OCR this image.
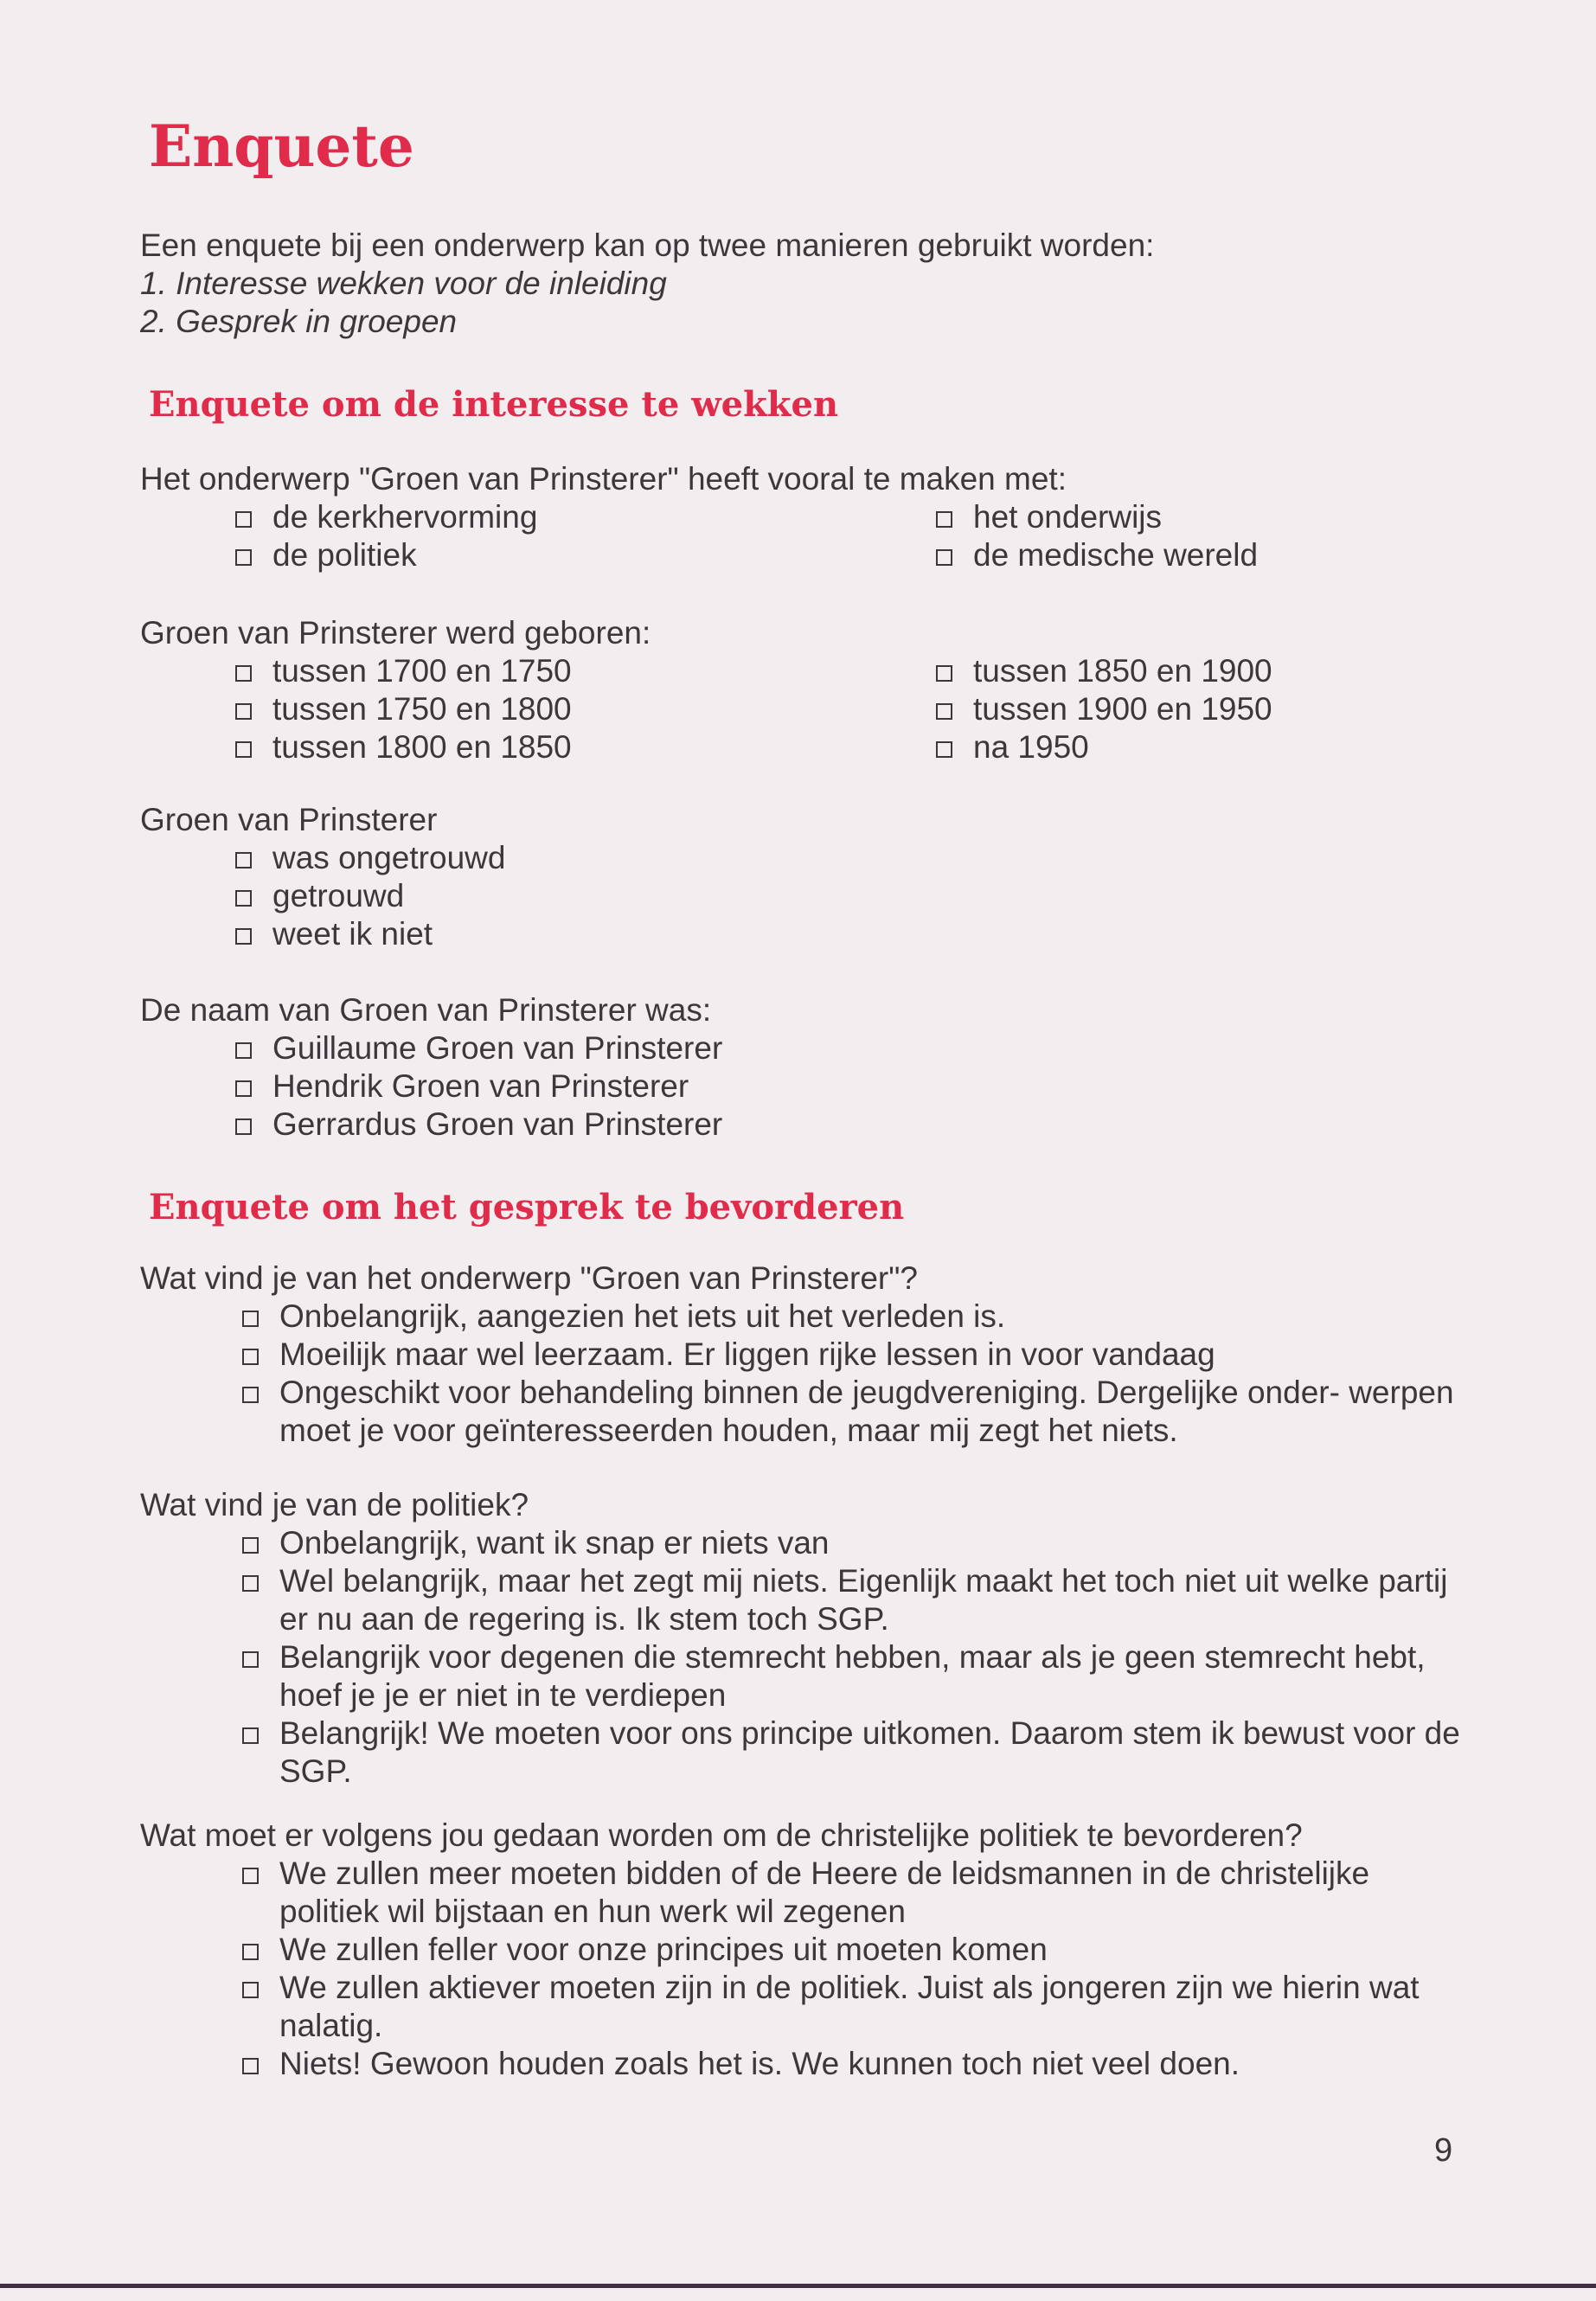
Enquete
Een enquete bij een onderwerp kan op twee manieren gebruikt worden:
1. Interesse wekken voor de inleiding
2. Gesprek in groepen
Enquete om de interesse te wekken
Het onderwerp "Groen van Prinsterer" heeft vooral te maken met:
de kerkhervorming
de politiek
het onderwijs
de medische wereld
Groen van Prinsterer werd geboren:
tussen 1700 en 1750
tussen 1750 en 1800
tussen 1800 en 1850
tussen 1850 en 1900
tussen 1900 en 1950
na 1950
Groen van Prinsterer
was ongetrouwd
getrouwd
weet ik niet
De naam van Groen van Prinsterer was:
Guillaume Groen van Prinsterer
Hendrik Groen van Prinsterer
Gerrardus Groen van Prinsterer
Enquete om het gesprek te bevorderen
Wat vind je van het onderwerp "Groen van Prinsterer"?
Onbelangrijk, aangezien het iets uit het verleden is.
Moeilijk maar wel leerzaam. Er liggen rijke lessen in voor vandaag
Ongeschikt voor behandeling binnen de jeugdvereniging. Dergelijke onder- werpen moet je voor geïnteresseerden houden, maar mij zegt het niets.
Wat vind je van de politiek?
Onbelangrijk, want ik snap er niets van
Wel belangrijk, maar het zegt mij niets. Eigenlijk maakt het toch niet uit welke partij er nu aan de regering is. Ik stem toch SGP.
Belangrijk voor degenen die stemrecht hebben, maar als je geen stemrecht hebt, hoef je je er niet in te verdiepen
Belangrijk! We moeten voor ons principe uitkomen. Daarom stem ik bewust voor de SGP.
Wat moet er volgens jou gedaan worden om de christelijke politiek te bevorderen?
We zullen meer moeten bidden of de Heere de leidsmannen in de christelijke politiek wil bijstaan en hun werk wil zegenen
We zullen feller voor onze principes uit moeten komen
We zullen aktiever moeten zijn in de politiek. Juist als jongeren zijn we hierin wat nalatig.
Niets! Gewoon houden zoals het is. We kunnen toch niet veel doen.
9
